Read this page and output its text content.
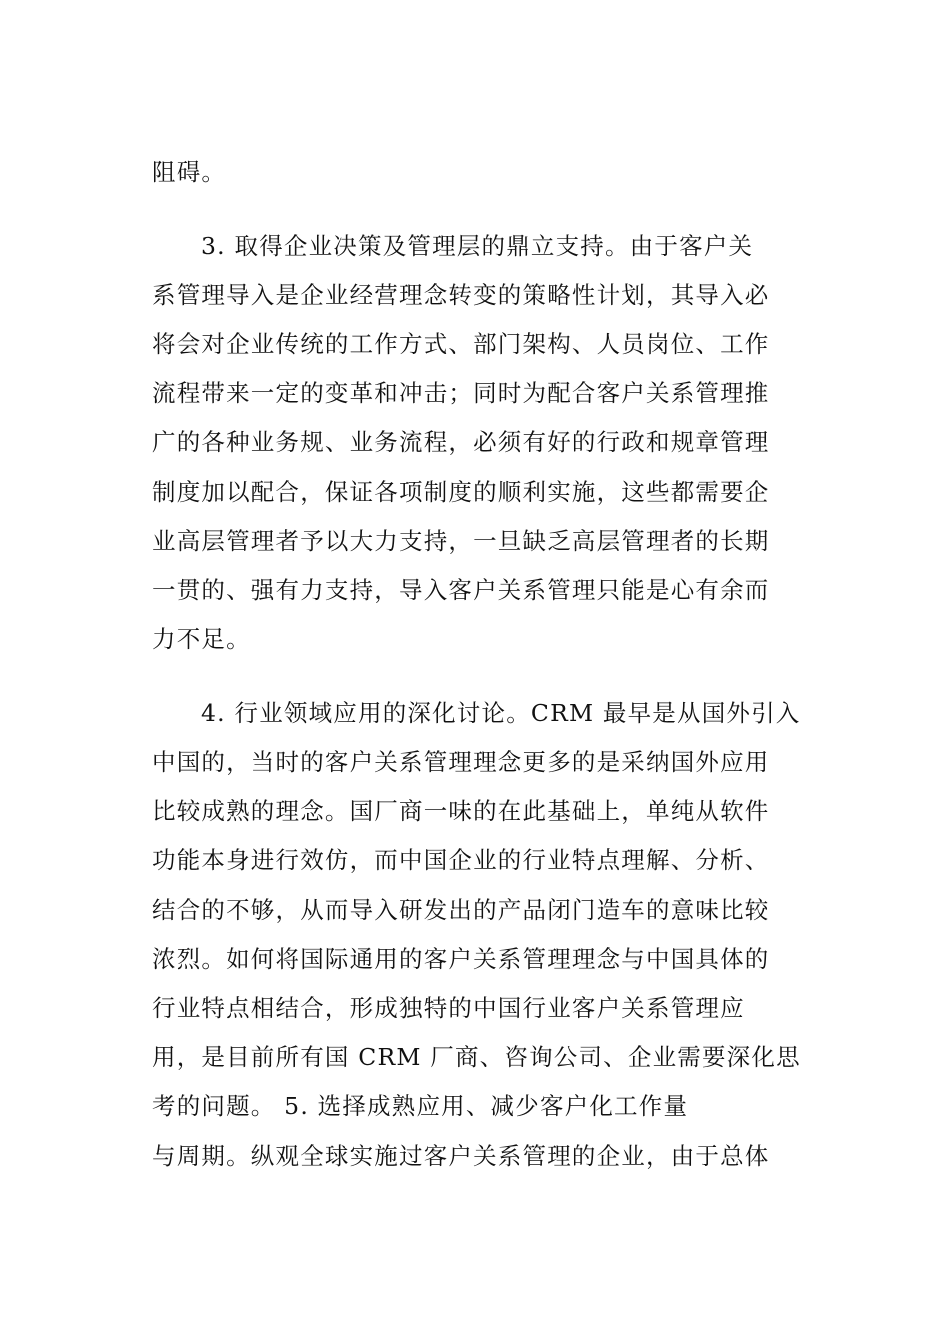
阻碍。
3. 取得企业决策及管理层的鼎立支持。由于客户关
系管理导入是企业经营理念转变的策略性计划，其导入必
将会对企业传统的工作方式、部门架构、人员岗位、工作
流程带来一定的变革和冲击；同时为配合客户关系管理推
广的各种业务规、业务流程，必须有好的行政和规章管理
制度加以配合，保证各项制度的顺利实施，这些都需要企
业高层管理者予以大力支持，一旦缺乏高层管理者的长期
一贯的、强有力支持，导入客户关系管理只能是心有余而
力不足。
4. 行业领域应用的深化讨论。CRM 最早是从国外引入
中国的，当时的客户关系管理理念更多的是采纳国外应用
比较成熟的理念。国厂商一味的在此基础上，单纯从软件
功能本身进行效仿，而中国企业的行业特点理解、分析、
结合的不够，从而导入研发出的产品闭门造车的意味比较
浓烈。如何将国际通用的客户关系管理理念与中国具体的
行业特点相结合，形成独特的中国行业客户关系管理应
用，是目前所有国 CRM 厂商、咨询公司、企业需要深化思
考的问题。 5. 选择成熟应用、减少客户化工作量
与周期。纵观全球实施过客户关系管理的企业，由于总体
